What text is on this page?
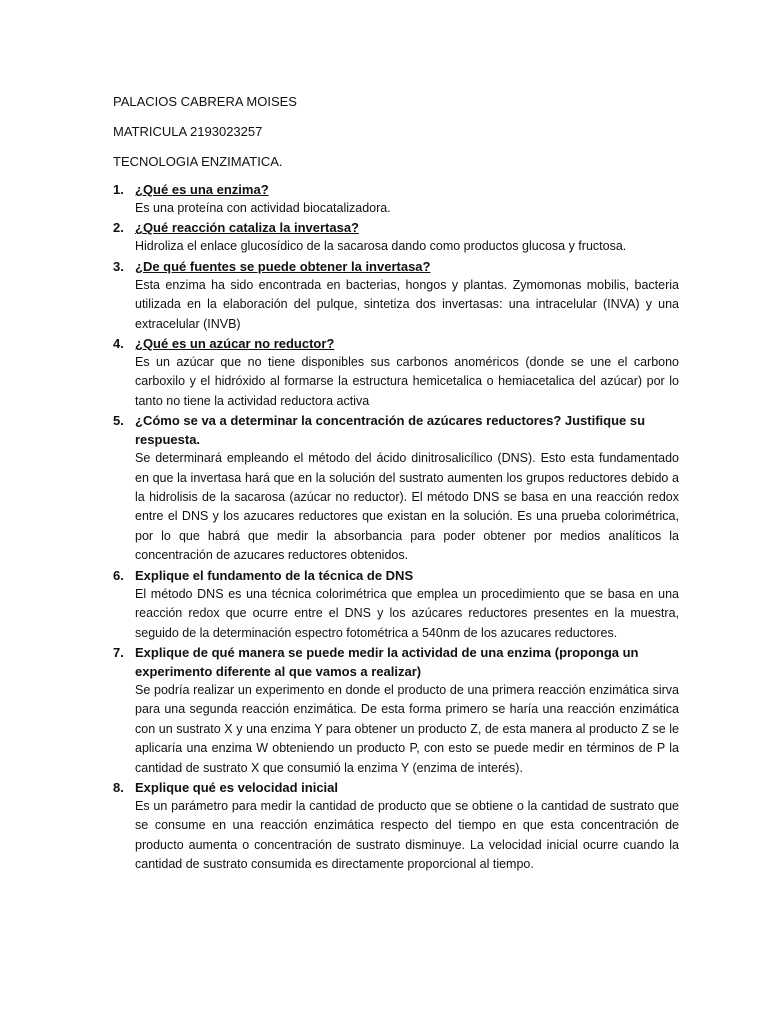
PALACIOS CABRERA MOISES
MATRICULA 2193023257
TECNOLOGIA ENZIMATICA.
1. ¿Qué es una enzima?

Es una proteína con actividad biocatalizadora.

2. ¿Qué reacción cataliza la invertasa?

Hidroliza el enlace glucosídico de la sacarosa dando como productos glucosa y fructosa.

3. ¿De qué fuentes se puede obtener la invertasa?

Esta enzima ha sido encontrada en bacterias, hongos y plantas. Zymomonas mobilis, bacteria utilizada en la elaboración del pulque, sintetiza dos invertasas: una intracelular (INVA) y una extracelular (INVB)

4. ¿Qué es un azúcar no reductor?

Es un azúcar que no tiene disponibles sus carbonos anoméricos (donde se une el carbono carboxilo y el hidróxido al formarse la estructura hemicetalica o hemiacetalica del azúcar) por lo tanto no tiene la actividad reductora activa

5. ¿Cómo se va a determinar la concentración de azúcares reductores? Justifique su respuesta.

Se determinará empleando el método del ácido dinitrosalicílico (DNS). Esto esta fundamentado en que la invertasa hará que en la solución del sustrato aumenten los grupos reductores debido a la hidrolisis de la sacarosa (azúcar no reductor). El método DNS se basa en una reacción redox entre el DNS y los azucares reductores que existan en la solución. Es una prueba colorimétrica, por lo que habrá que medir la absorbancia para poder obtener por medios analíticos la concentración de azucares reductores obtenidos.

6. Explique el fundamento de la técnica de DNS

El método DNS es una técnica colorimétrica que emplea un procedimiento que se basa en una reacción redox que ocurre entre el DNS y los azúcares reductores presentes en la muestra, seguido de la determinación espectro fotométrica a 540nm de los azucares reductores.

7. Explique de qué manera se puede medir la actividad de una enzima (proponga un experimento diferente al que vamos a realizar)

Se podría realizar un experimento en donde el producto de una primera reacción enzimática sirva para una segunda reacción enzimática. De esta forma primero se haría una reacción enzimática con un sustrato X y una enzima Y para obtener un producto Z, de esta manera al producto Z se le aplicaría una enzima W obteniendo un producto P, con esto se puede medir en términos de P la cantidad de sustrato X que consumió la enzima Y (enzima de interés).

8. Explique qué es velocidad inicial

Es un parámetro para medir la cantidad de producto que se obtiene o la cantidad de sustrato que se consume en una reacción enzimática respecto del tiempo en que esta concentración de producto aumenta o concentración de sustrato disminuye. La velocidad inicial ocurre cuando la cantidad de sustrato consumida es directamente proporcional al tiempo.
